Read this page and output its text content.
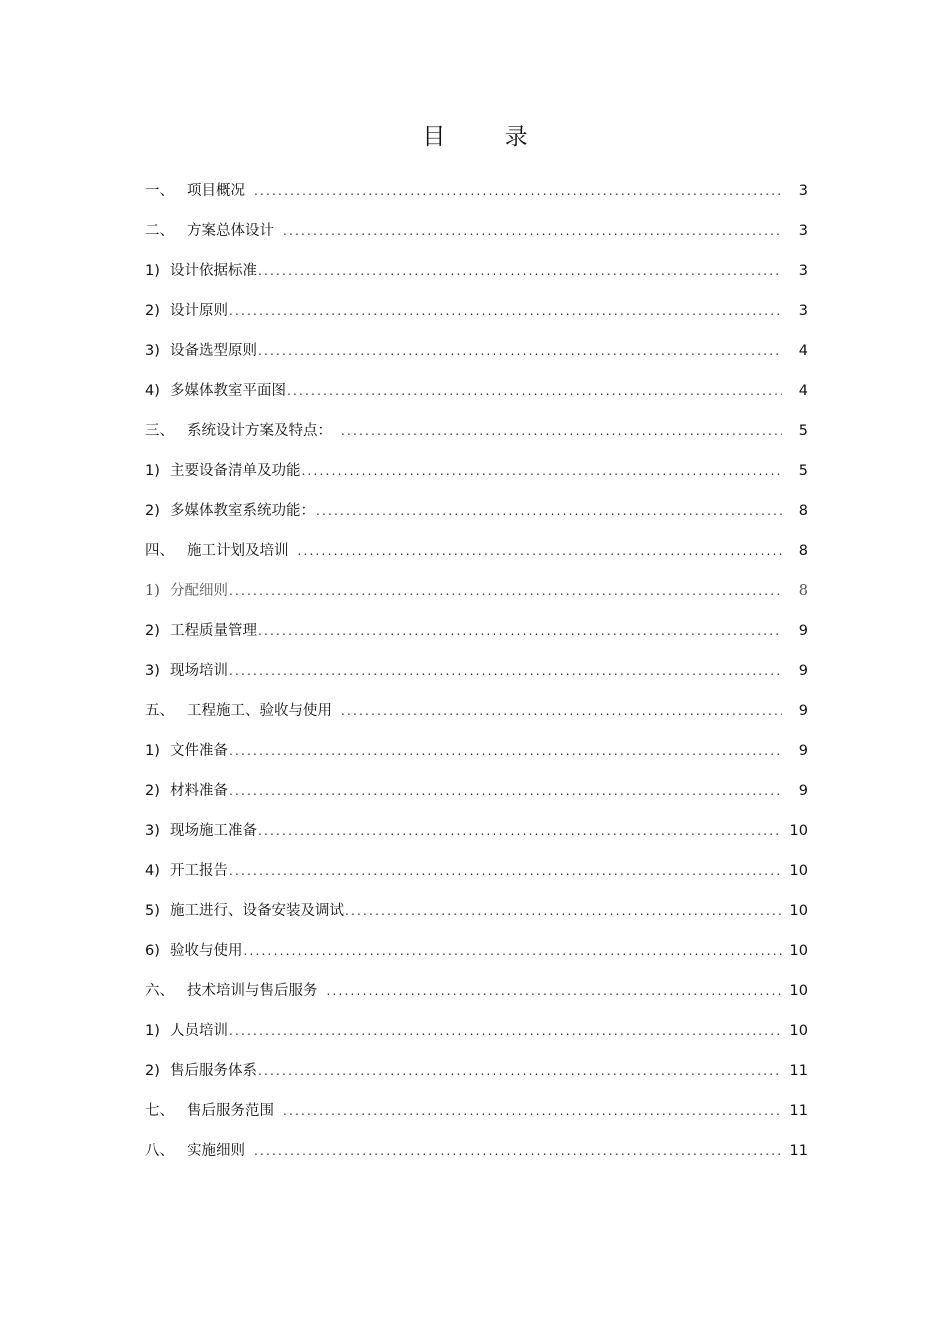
目 录
一、 项目概况 .....	3
二、 方案总体设计 .....	3
1) 设计依据标准 .....	3
2) 设计原则 .....	3
3) 设备选型原则 .....	4
4) 多媒体教室平面图 .....	4
三、 系统设计方案及特点： .....	5
1) 主要设备清单及功能 .....	5
2) 多媒体教室系统功能： .....	8
四、 施工计划及培训 .....	8
1) 分配细则 .....	8
2) 工程质量管理 .....	9
3) 现场培训 .....	9
五、 工程施工、验收与使用 .....	9
1) 文件准备 .....	9
2) 材料准备 .....	9
3) 现场施工准备 .....	10
4) 开工报告 .....	10
5) 施工进行、设备安装及调试 .....	10
6) 验收与使用 .....	10
六、 技术培训与售后服务 .....	10
1) 人员培训 .....	10
2) 售后服务体系 .....	11
七、 售后服务范围 .....	11
八、 实施细则 .....	11
